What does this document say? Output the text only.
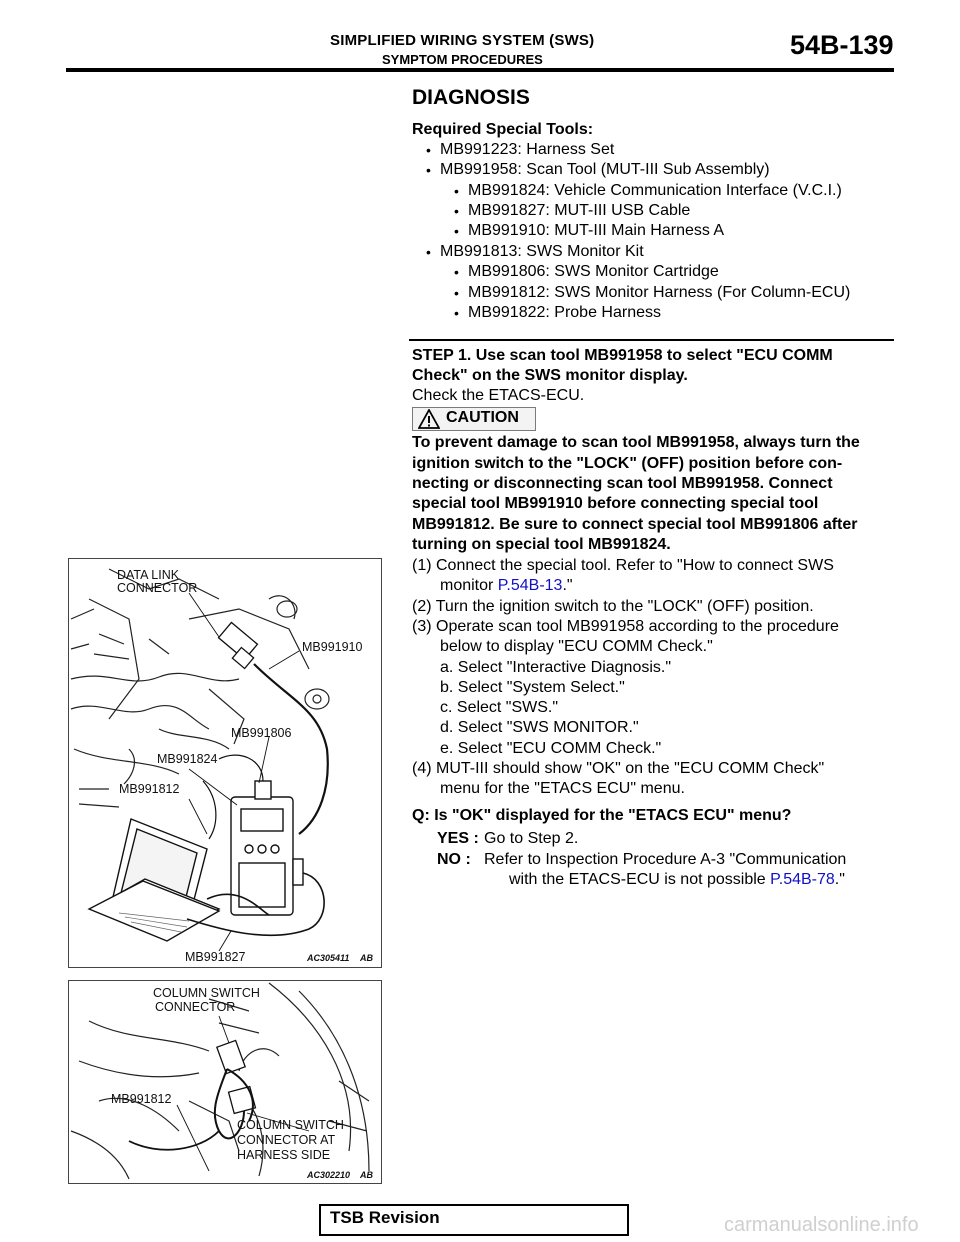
SIMPLIFIED WIRING SYSTEM (SWS)
SYMPTOM PROCEDURES	54B-139
DIAGNOSIS
Required Special Tools:
• MB991223: Harness Set
• MB991958: Scan Tool (MUT-III Sub Assembly)
• MB991824: Vehicle Communication Interface (V.C.I.)
• MB991827: MUT-III USB Cable
• MB991910: MUT-III Main Harness A
• MB991813: SWS Monitor Kit
• MB991806: SWS Monitor Cartridge
• MB991812: SWS Monitor Harness (For Column-ECU)
• MB991822: Probe Harness
STEP 1. Use scan tool MB991958 to select "ECU COMM
Check" on the SWS monitor display.
Check the ETACS-ECU.
CAUTION
To prevent damage to scan tool MB991958, always turn the
ignition switch to the "LOCK" (OFF) position before con-
necting or disconnecting scan tool MB991958. Connect
special tool MB991910 before connecting special tool
MB991812. Be sure to connect special tool MB991806 after
turning on special tool MB991824.
(1) Connect the special tool. Refer to "How to connect SWS
monitor P.54B-13."
(2) Turn the ignition switch to the "LOCK" (OFF) position.
(3) Operate scan tool MB991958 according to the procedure
below to display "ECU COMM Check."
a. Select "Interactive Diagnosis."
b. Select "System Select."
c. Select "SWS."
d. Select "SWS MONITOR."
e. Select "ECU COMM Check."
(4) MUT-III should show "OK" on the "ECU COMM Check"
menu for the "ETACS ECU" menu.
Q: Is "OK" displayed for the "ETACS ECU" menu?
YES : Go to Step 2.
NO : Refer to Inspection Procedure A-3 "Communication
with the ETACS-ECU is not possible P.54B-78."
DATA LINK
CONNECTOR
MB991910
MB991806
MB991824
MB991812
MB991827	AC305411 AB
COLUMN SWITCH
CONNECTOR
MB991812
COLUMN SWITCH
CONNECTOR AT
HARNESS SIDE
AC302210 AB
TSB Revision	carmanualsonline.info
